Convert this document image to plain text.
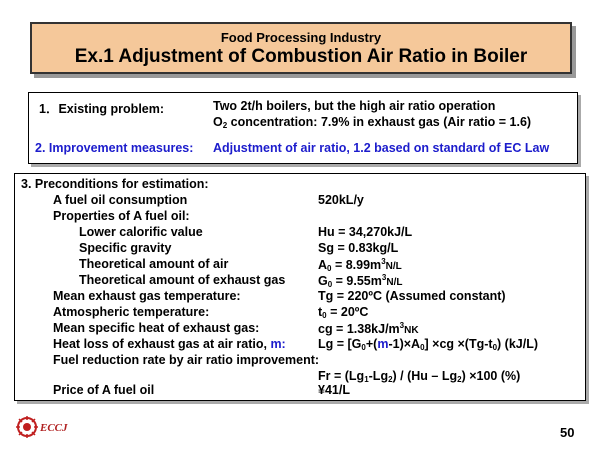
Food Processing Industry
Ex.1 Adjustment of Combustion Air Ratio in Boiler
1．Existing problem:	Two 2t/h boilers, but the high air ratio operation
$O_2$ concentration: 7.9% in exhaust gas (Air ratio = 1.6)
2. Improvement measures: Adjustment of air ratio, 1.2 based on standard of EC Law
3. Preconditions for estimation:
A fuel oil consumption	520kL/y
Properties of A fuel oil:
Lower calorific value	Hu = 34,270kJ/L
Specific gravity	Sg = 0.83kg/L
Theoretical amount of air	$A_0 = 8.99m^3N/L$
Theoretical amount of exhaust gas	$G_0 = 9.55m^3N/L$
Mean exhaust gas temperature:	Tg = 220ºC (Assumed constant)
Atmospheric temperature:	$t_0$ = 20ºC
Mean specific heat of exhaust gas:	cg = $1.38kJ/m^3NK$
Heat loss of exhaust gas at air ratio, m:	$Lg = [G_0+(m-1)\times A_0] \times cg \times(Tg-t_0)$ (kJ/L)
Fuel reduction rate by air ratio improvement:
$Fr = (Lg_1-Lg_2) / (Hu - Lg_2) \times 100$ (%)
Price of A fuel oil	¥41/L
ECCJ	50
